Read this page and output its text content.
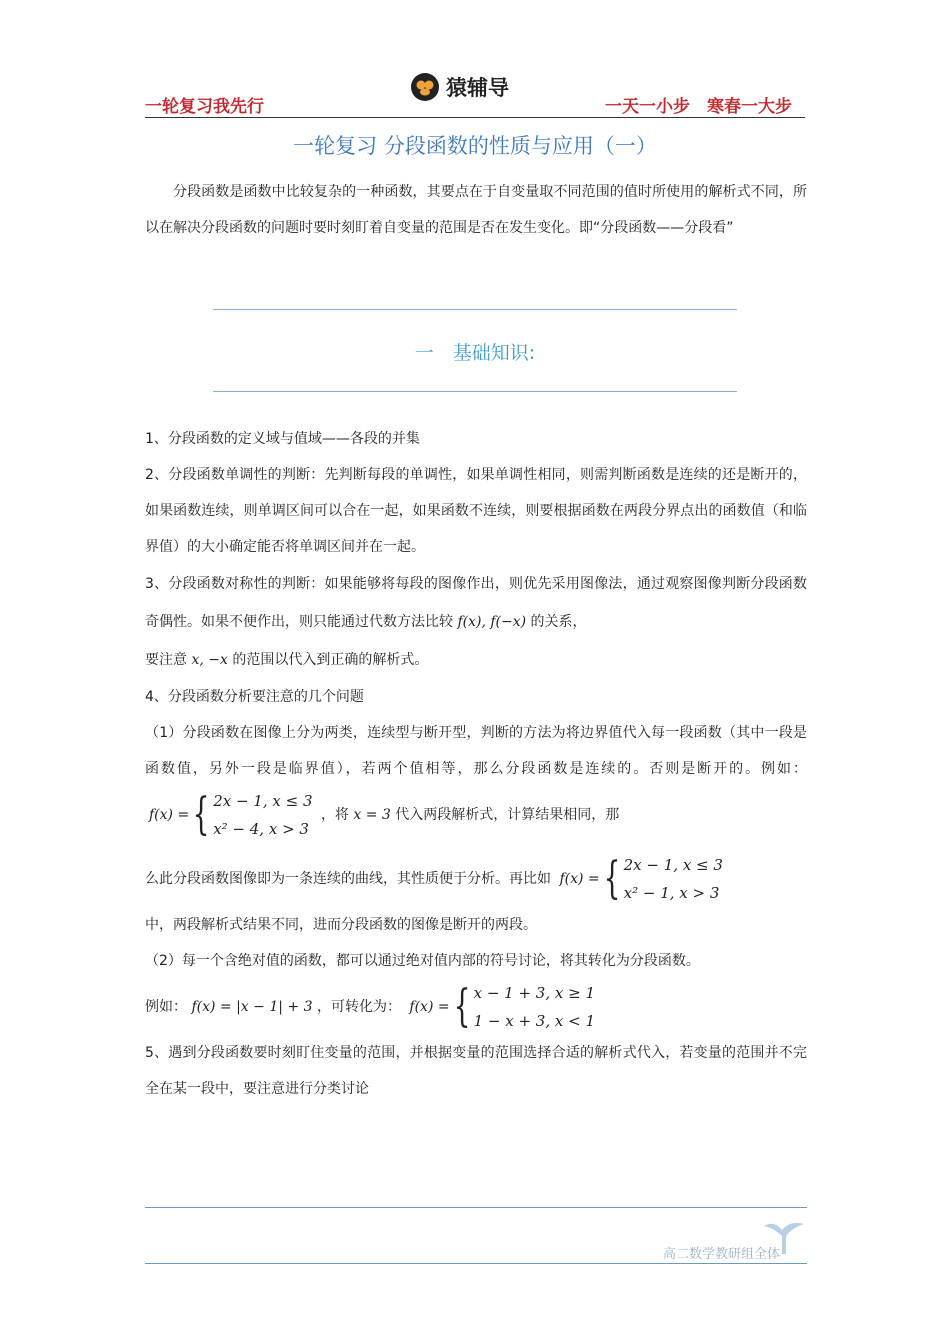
一轮复习我先行
猿辅导
一天一小步　寒春一大步
一轮复习 分段函数的性质与应用（一）
分段函数是函数中比较复杂的一种函数，其要点在于自变量取不同范围的值时所使用的解析式不同，所以在解决分段函数的问题时要时刻盯着自变量的范围是否在发生变化。即“分段函数——分段看”
一　基础知识:

1、分段函数的定义域与值域——各段的并集

2、分段函数单调性的判断：先判断每段的单调性，如果单调性相同，则需判断函数是连续的还是断开的，如果函数连续，则单调区间可以合在一起，如果函数不连续，则要根据函数在两段分界点出的函数值（和临界值）的大小确定能否将单调区间并在一起。

3、分段函数对称性的判断：如果能够将每段的图像作出，则优先采用图像法，通过观察图像判断分段函数奇偶性。如果不便作出，则只能通过代数方法比较 f(x), f(−x) 的关系，
要注意 x, −x 的范围以代入到正确的解析式。

4、分段函数分析要注意的几个问题

（1）分段函数在图像上分为两类，连续型与断开型，判断的方法为将边界值代入每一段函数（其中一段是函数值，另外一段是临界值），若两个值相等，那么分段函数是连续的。否则是断开的。例如：
f(x) = { 2x − 1, x ≤ 3
x² − 4, x > 3
，将 x = 3 代入两段解析式，计算结果相同，那

么此分段函数图像即为一条连续的曲线，其性质便于分析。再比如 f(x) = { 2x − 1, x ≤ 3
x² − 1, x > 3

中，两段解析式结果不同，进而分段函数的图像是断开的两段。

（2）每一个含绝对值的函数，都可以通过绝对值内部的符号讨论，将其转化为分段函数。
例如： f(x) = |x − 1| + 3 ，可转化为： f(x) = { x − 1 + 3, x ≥ 1
1 − x + 3, x < 1

5、遇到分段函数要时刻盯住变量的范围，并根据变量的范围选择合适的解析式代入，若变量的范围并不完全在某一段中，要注意进行分类讨论

高二数学教研组全体
